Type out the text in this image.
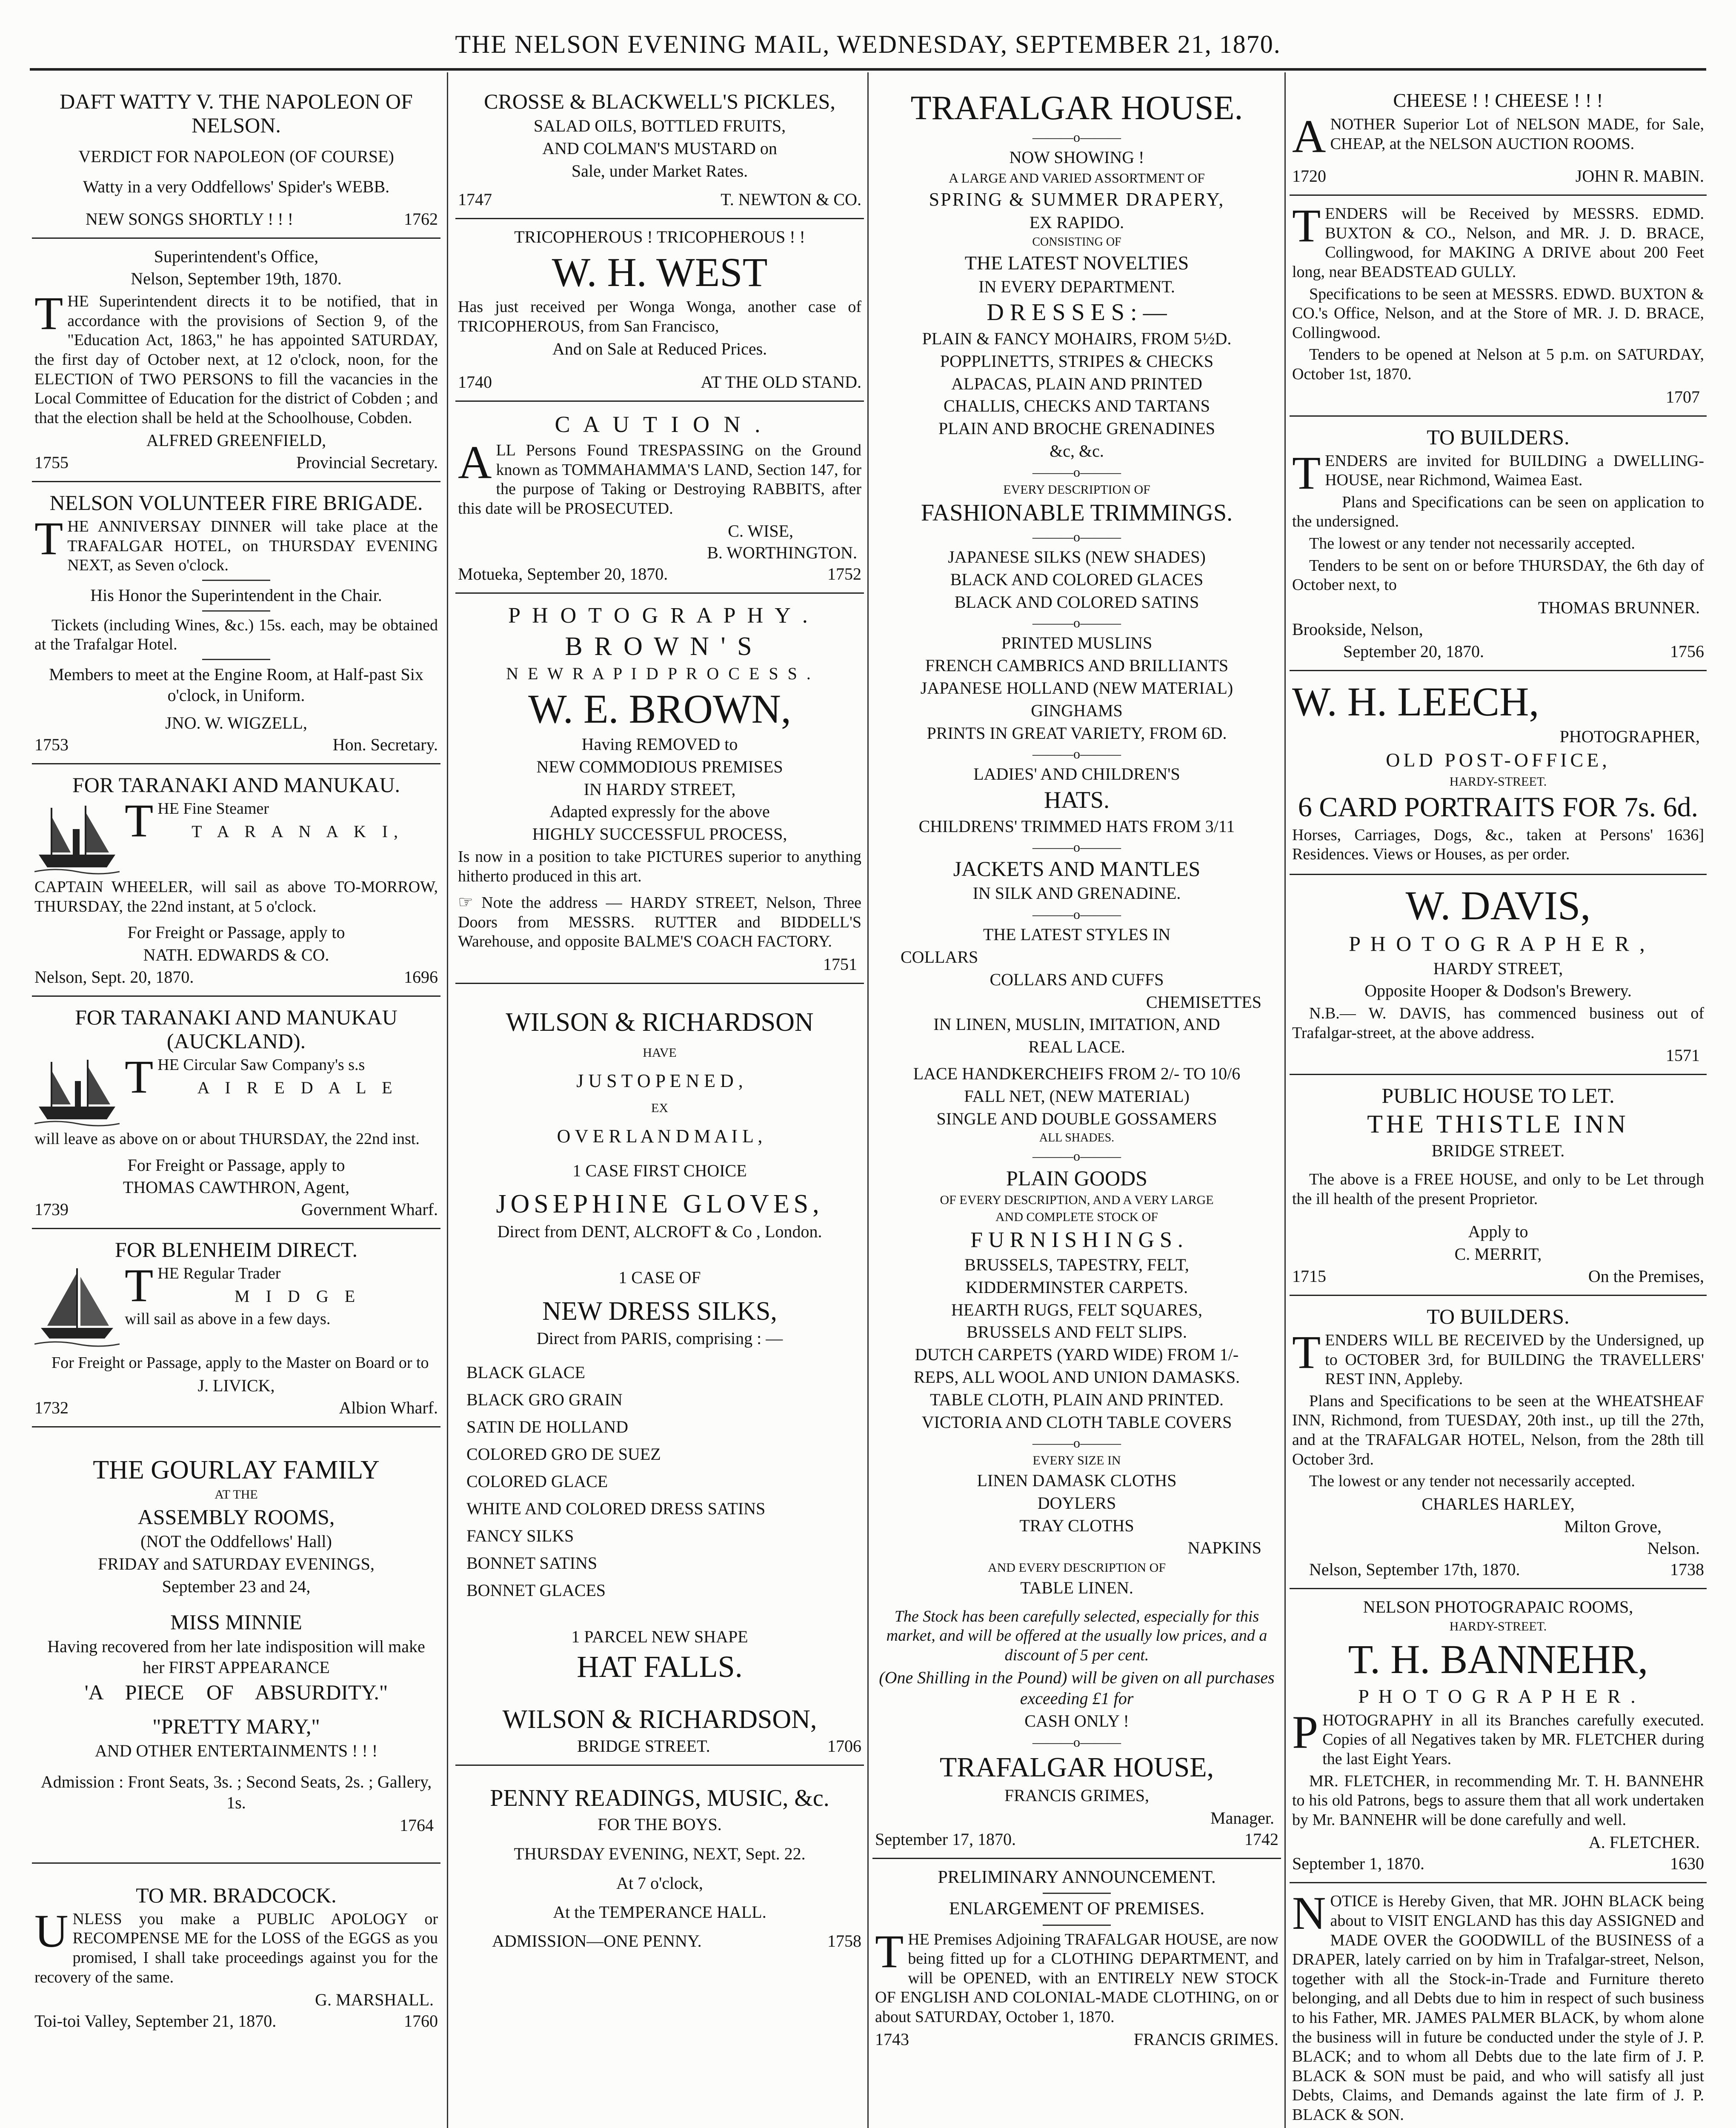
THE NELSON EVENING MAIL, WEDNESDAY, SEPTEMBER 21, 1870.
DAFT WATTY V. THE NAPOLEON OF NELSON.
VERDICT FOR NAPOLEON (OF COURSE)
Watty in a very Oddfellows' Spider's WEBB.
NEW SONGS SHORTLY ! ! !	1762
Superintendent's Office,
Nelson, September 19th, 1870.
THE Superintendent directs it to be notified, that in accordance with the provisions of Section 9, of the "Education Act, 1863," he has appointed SATURDAY, the first day of October next, at 12 o'clock, noon, for the ELECTION of TWO PERSONS to fill the vacancies in the Local Committee of Education for the district of Cobden ; and that the election shall be held at the Schoolhouse, Cobden.
ALFRED GREENFIELD,
1755	Provincial Secretary.
NELSON VOLUNTEER FIRE BRIGADE.
THE ANNIVERSAY DINNER will take place at the TRAFALGAR HOTEL, on THURSDAY EVENING NEXT, as Seven o'clock.
His Honor the Superintendent in the Chair.
Tickets (including Wines, &c.) 15s. each, may be obtained at the Trafalgar Hotel.
Members to meet at the Engine Room, at Half-past Six o'clock, in Uniform.
JNO. W. WIGZELL,
1753	Hon. Secretary.
FOR TARANAKI AND MANUKAU.
THE Fine Steamer
T A R A N A K I,
CAPTAIN WHEELER, will sail as above TO-MORROW, THURSDAY, the 22nd instant, at 5 o'clock.
For Freight or Passage, apply to
NATH. EDWARDS & CO.
Nelson, Sept. 20, 1870.	1696
FOR TARANAKI AND MANUKAU (AUCKLAND).
THE Circular Saw Company's s.s
A I R E D A L E
will leave as above on or about THURSDAY, the 22nd inst.
For Freight or Passage, apply to
THOMAS CAWTHRON, Agent,
1739	Government Wharf.
FOR BLENHEIM DIRECT.
THE Regular Trader
M I D G E
will sail as above in a few days.
For Freight or Passage, apply to the Master on Board or to
J. LIVICK,
1732	Albion Wharf.
THE GOURLAY FAMILY
AT THE
ASSEMBLY ROOMS,
(NOT the Oddfellows' Hall)
FRIDAY and SATURDAY EVENINGS,
September 23 and 24,
MISS MINNIE
Having recovered from her late indisposition will make her FIRST APPEARANCE
'A PIECE OF ABSURDITY."
"PRETTY MARY,"
AND OTHER ENTERTAINMENTS ! ! !
Admission : Front Seats, 3s. ; Second Seats, 2s. ; Gallery, 1s.
1764
TO MR. BRADCOCK.
UNLESS you make a PUBLIC APOLOGY or RECOMPENSE ME for the LOSS of the EGGS as you promised, I shall take proceedings against you for the recovery of the same.
G. MARSHALL.
Toi-toi Valley, September 21, 1870.	1760
CROSSE & BLACKWELL'S PICKLES,
SALAD OILS, BOTTLED FRUITS,
AND COLMAN'S MUSTARD on
Sale, under Market Rates.
1747	T. NEWTON & CO.
TRICOPHEROUS ! TRICOPHEROUS ! !
W. H. WEST
Has just received per Wonga Wonga, another case of TRICOPHEROUS, from San Francisco,
And on Sale at Reduced Prices.
1740	AT THE OLD STAND.
C A U T I O N .
ALL Persons Found TRESPASSING on the Ground known as TOMMAHAMMA'S LAND, Section 147, for the purpose of Taking or Destroying RABBITS, after this date will be PROSECUTED.
C. WISE,
B. WORTHINGTON.
Motueka, September 20, 1870.	1752
P H O T O G R A P H Y .
B R O W N ' S
N E W R A P I D P R O C E S S .
W. E. BROWN,
Having REMOVED to
NEW COMMODIOUS PREMISES
IN HARDY STREET,
Adapted expressly for the above
HIGHLY SUCCESSFUL PROCESS,
Is now in a position to take PICTURES superior to anything hitherto produced in this art.
☞ Note the address — HARDY STREET, Nelson, Three Doors from MESSRS. RUTTER and BIDDELL'S Warehouse, and opposite BALME'S COACH FACTORY.
1751
WILSON & RICHARDSON
HAVE
J U S T O P E N E D ,
EX
O V E R L A N D M A I L ,
1 CASE FIRST CHOICE
JOSEPHINE GLOVES,
Direct from DENT, ALCROFT & Co , London.
1 CASE OF
NEW DRESS SILKS,
Direct from PARIS, comprising : —
BLACK GLACE
BLACK GRO GRAIN
SATIN DE HOLLAND
COLORED GRO DE SUEZ
COLORED GLACE
WHITE AND COLORED DRESS SATINS
FANCY SILKS
BONNET SATINS
BONNET GLACES
1 PARCEL NEW SHAPE
HAT FALLS.
WILSON & RICHARDSON,
BRIDGE STREET.	1706
PENNY READINGS, MUSIC, &c.
FOR THE BOYS.
THURSDAY EVENING, NEXT, Sept. 22.
At 7 o'clock,
At the TEMPERANCE HALL.
ADMISSION—ONE PENNY.	1758
TRAFALGAR HOUSE.
———o———
NOW SHOWING !
A LARGE AND VARIED ASSORTMENT OF
SPRING & SUMMER DRAPERY,
EX RAPIDO.
CONSISTING OF
THE LATEST NOVELTIES
IN EVERY DEPARTMENT.
D R E S S E S : —
PLAIN & FANCY MOHAIRS, FROM 5½D.
POPPLINETTS, STRIPES & CHECKS
ALPACAS, PLAIN AND PRINTED
CHALLIS, CHECKS AND TARTANS
PLAIN AND BROCHE GRENADINES
&c, &c.
———o———
EVERY DESCRIPTION OF
FASHIONABLE TRIMMINGS.
———o———
JAPANESE SILKS (NEW SHADES)
BLACK AND COLORED GLACES
BLACK AND COLORED SATINS
———o———
PRINTED MUSLINS
FRENCH CAMBRICS AND BRILLIANTS
JAPANESE HOLLAND (NEW MATERIAL)
GINGHAMS
PRINTS IN GREAT VARIETY, FROM 6D.
———o———
LADIES' AND CHILDREN'S
HATS.
CHILDRENS' TRIMMED HATS FROM 3/11
———o———
JACKETS AND MANTLES
IN SILK AND GRENADINE.
———o———
THE LATEST STYLES IN
COLLARS
COLLARS AND CUFFS
CHEMISETTES
IN LINEN, MUSLIN, IMITATION, AND
REAL LACE.
LACE HANDKERCHEIFS FROM 2/- TO 10/6
FALL NET, (NEW MATERIAL)
SINGLE AND DOUBLE GOSSAMERS
ALL SHADES.
———o———
PLAIN GOODS
OF EVERY DESCRIPTION, AND A VERY LARGE
AND COMPLETE STOCK OF
F U R N I S H I N G S .
BRUSSELS, TAPESTRY, FELT,
KIDDERMINSTER CARPETS.
HEARTH RUGS, FELT SQUARES,
BRUSSELS AND FELT SLIPS.
DUTCH CARPETS (YARD WIDE) FROM 1/-
REPS, ALL WOOL AND UNION DAMASKS.
TABLE CLOTH, PLAIN AND PRINTED.
VICTORIA AND CLOTH TABLE COVERS
———o———
EVERY SIZE IN
LINEN DAMASK CLOTHS
DOYLERS
TRAY CLOTHS
NAPKINS
AND EVERY DESCRIPTION OF
TABLE LINEN.
The Stock has been carefully selected, especially for this market, and will be offered at the usually low prices, and a discount of 5 per cent.
(One Shilling in the Pound) will be given on all purchases exceeding £1 for
CASH ONLY !
———o———
TRAFALGAR HOUSE,
FRANCIS GRIMES,
Manager.
September 17, 1870.	1742
PRELIMINARY ANNOUNCEMENT.
ENLARGEMENT OF PREMISES.
THE Premises Adjoining TRAFALGAR HOUSE, are now being fitted up for a CLOTHING DEPARTMENT, and will be OPENED, with an ENTIRELY NEW STOCK OF ENGLISH AND COLONIAL-MADE CLOTHING, on or about SATURDAY, October 1, 1870.
1743	FRANCIS GRIMES.
CHEESE ! ! CHEESE ! ! !
ANOTHER Superior Lot of NELSON MADE, for Sale, CHEAP, at the NELSON AUCTION ROOMS.
1720	JOHN R. MABIN.
TENDERS will be Received by MESSRS. EDMD. BUXTON & CO., Nelson, and MR. J. D. BRACE, Collingwood, for MAKING A DRIVE about 200 Feet long, near BEADSTEAD GULLY.
Specifications to be seen at MESSRS. EDWD. BUXTON & CO.'s Office, Nelson, and at the Store of MR. J. D. BRACE, Collingwood.
Tenders to be opened at Nelson at 5 p.m. on SATURDAY, October 1st, 1870.
1707
TO BUILDERS.
TENDERS are invited for BUILDING a DWELLING-HOUSE, near Richmond, Waimea East.
Plans and Specifications can be seen on application to the undersigned.
The lowest or any tender not necessarily accepted.
Tenders to be sent on or before THURSDAY, the 6th day of October next, to
THOMAS BRUNNER.
Brookside, Nelson,
September 20, 1870.	1756
W. H. LEECH,
PHOTOGRAPHER,
OLD POST-OFFICE,
HARDY-STREET.
6 CARD PORTRAITS FOR 7s. 6d.
Horses, Carriages, Dogs, &c., taken at Persons' 1636] Residences. Views or Houses, as per order.
W. DAVIS,
P H O T O G R A P H E R ,
HARDY STREET,
Opposite Hooper & Dodson's Brewery.
N.B.— W. DAVIS, has commenced business out of Trafalgar-street, at the above address.
1571
PUBLIC HOUSE TO LET.
THE THISTLE INN
BRIDGE STREET.
The above is a FREE HOUSE, and only to be Let through the ill health of the present Proprietor.
Apply to
C. MERRIT,
1715	On the Premises,
TO BUILDERS.
TENDERS WILL BE RECEIVED by the Undersigned, up to OCTOBER 3rd, for BUILDING the TRAVELLERS' REST INN, Appleby.
Plans and Specifications to be seen at the WHEATSHEAF INN, Richmond, from TUESDAY, 20th inst., up till the 27th, and at the TRAFALGAR HOTEL, Nelson, from the 28th till October 3rd.
The lowest or any tender not necessarily accepted.
CHARLES HARLEY,
Milton Grove,
Nelson.
Nelson, September 17th, 1870.	1738
NELSON PHOTOGRAPAIC ROOMS,
HARDY-STREET.
T. H. BANNEHR,
P H O T O G R A P H E R .
PHOTOGRAPHY in all its Branches carefully executed. Copies of all Negatives taken by MR. FLETCHER during the last Eight Years.
MR. FLETCHER, in recommending Mr. T. H. BANNEHR to his old Patrons, begs to assure them that all work undertaken by Mr. BANNEHR will be done carefully and well.
A. FLETCHER.
September 1, 1870.	1630
NOTICE is Hereby Given, that MR. JOHN BLACK being about to VISIT ENGLAND has this day ASSIGNED and MADE OVER the GOODWILL of the BUSINESS of a DRAPER, lately carried on by him in Trafalgar-street, Nelson, together with all the Stock-in-Trade and Furniture thereto belonging, and all Debts due to him in respect of such business to his Father, MR. JAMES PALMER BLACK, by whom alone the business will in future be conducted under the style of J. P. BLACK; and to whom all Debts due to the late firm of J. P. BLACK & SON must be paid, and who will satisfy all just Debts, Claims, and Demands against the late firm of J. P. BLACK & SON.
